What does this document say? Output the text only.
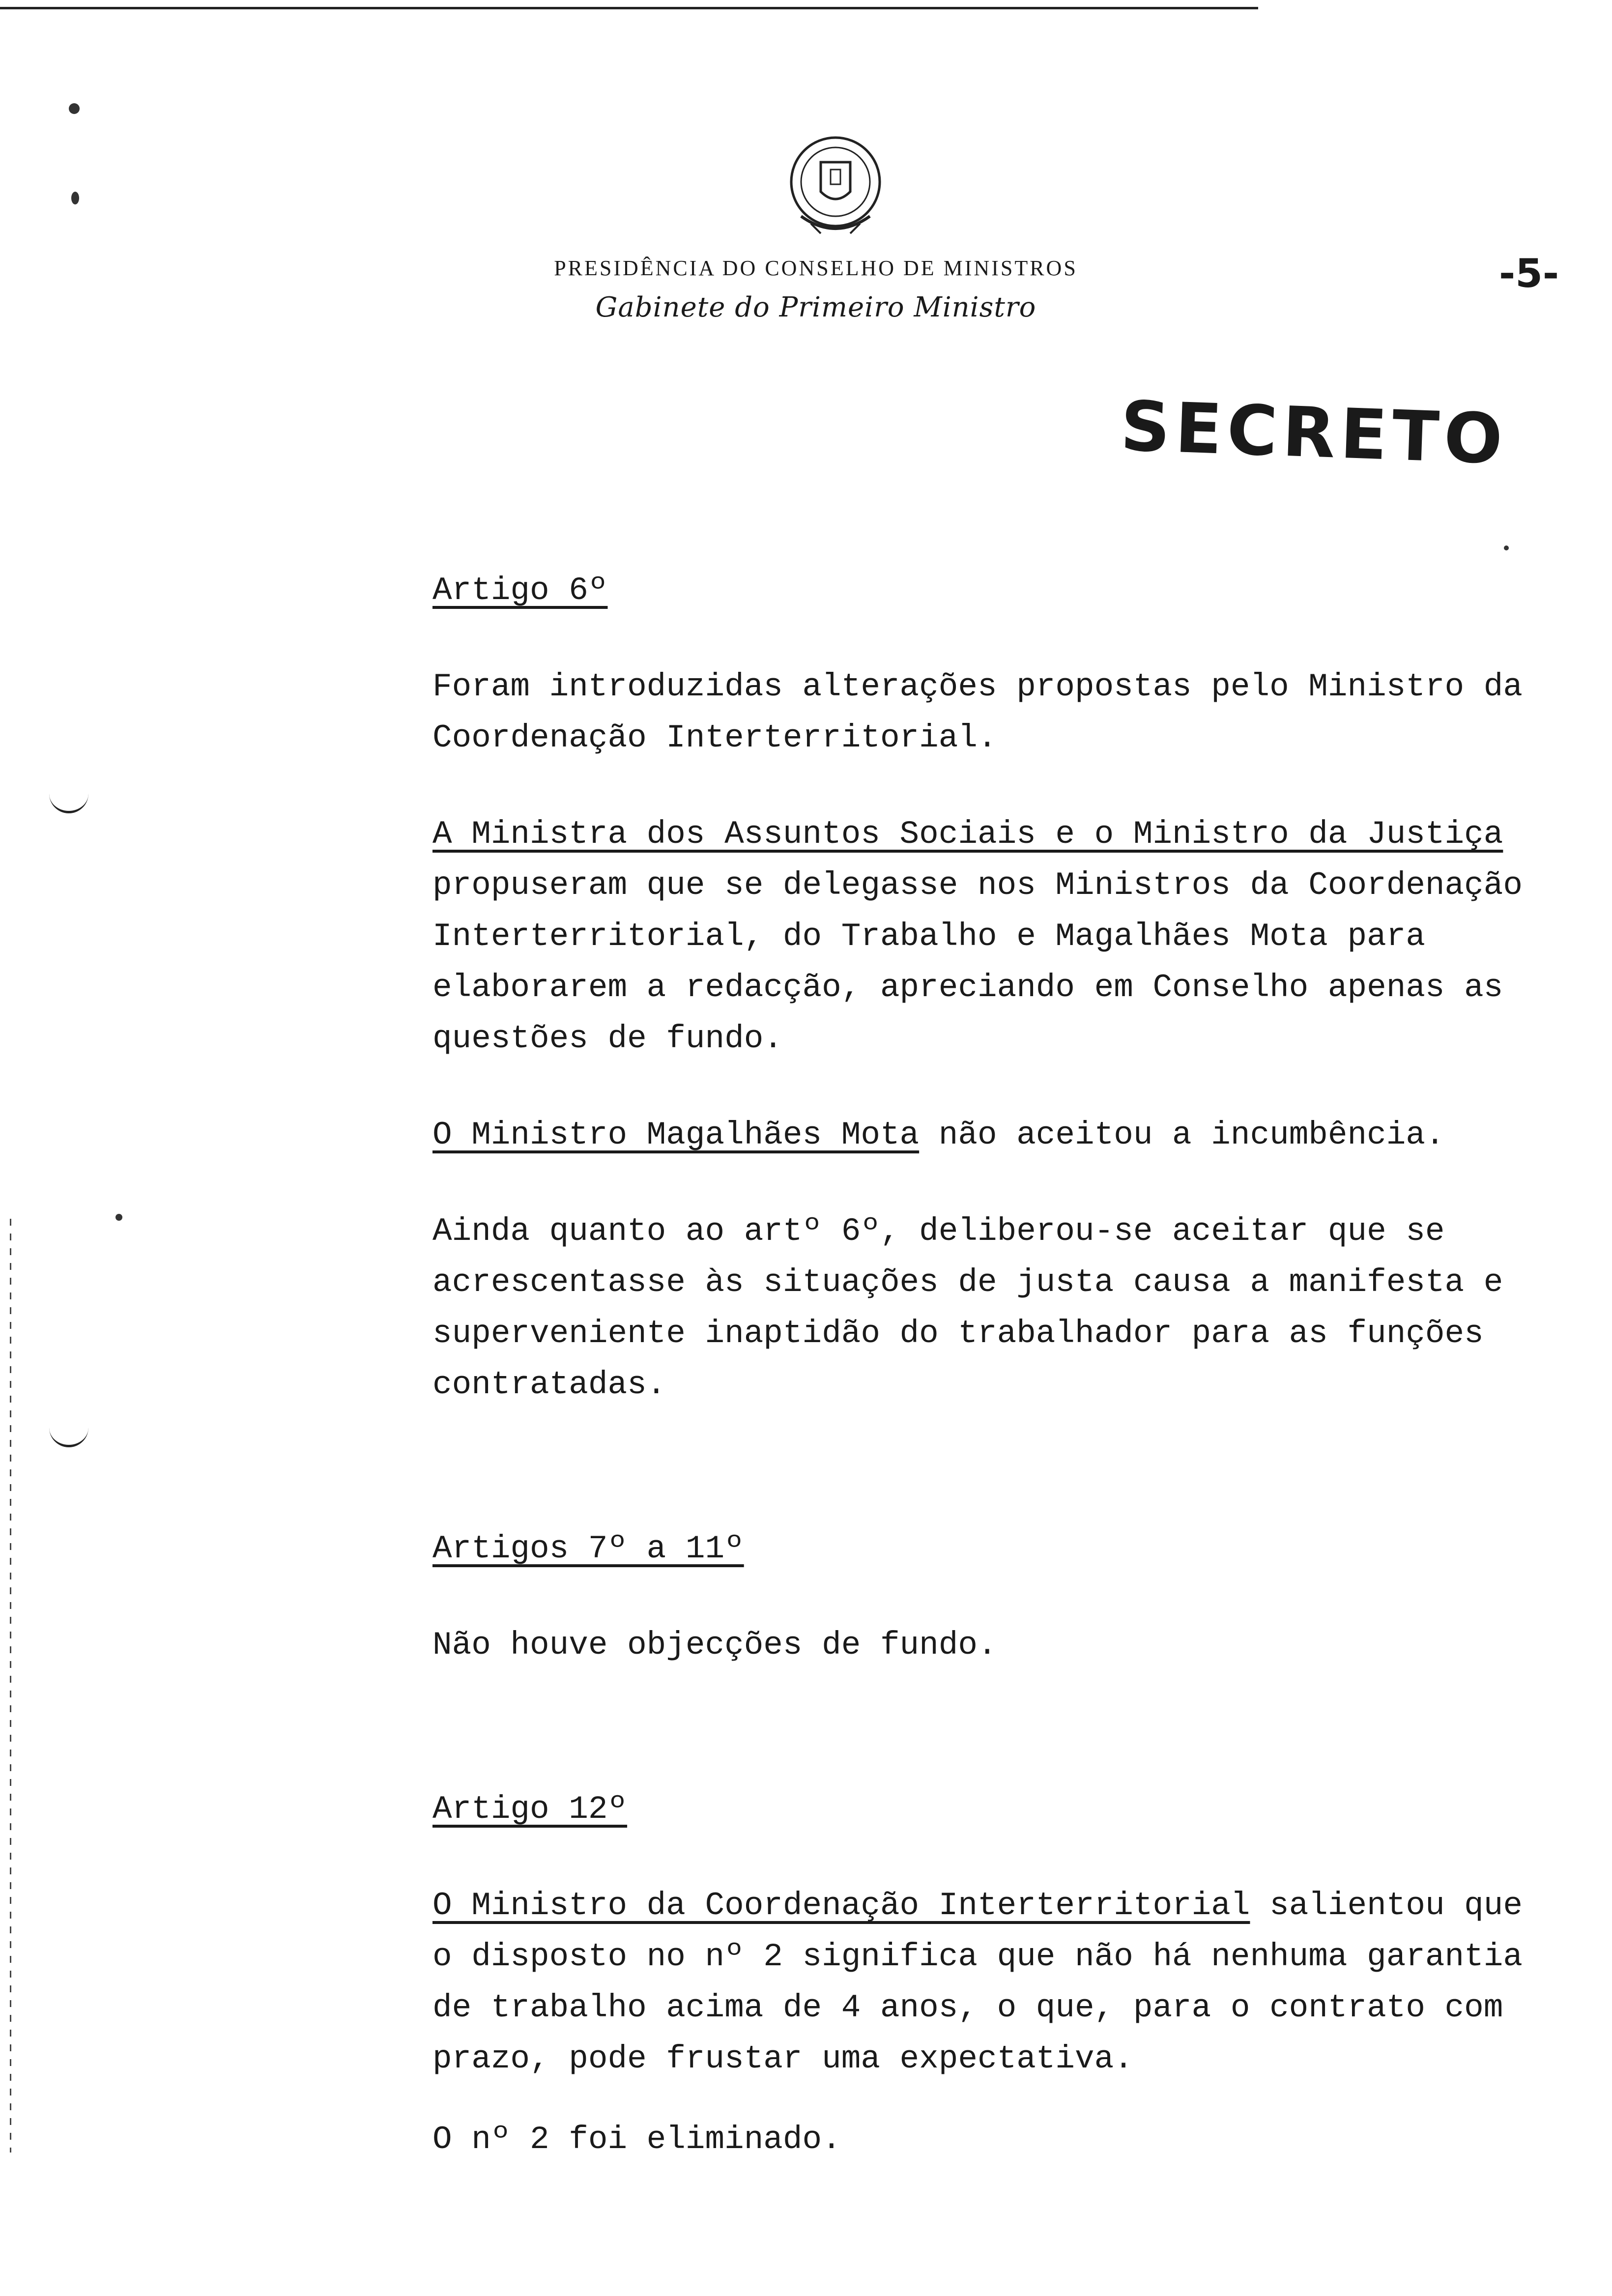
PRESIDÊNCIA DO CONSELHO DE MINISTROS
Gabinete do Primeiro Ministro
-5-
SECRETO
Artigo 6º

Foram introduzidas alterações propostas pelo Ministro da Coordenação Interterritorial.

A Ministra dos Assuntos Sociais e o Ministro da Justiça propuseram que se delegasse nos Ministros da Coordenação Interterritorial, do Trabalho e Magalhães Mota para elaborarem a redacção, apreciando em Conselho apenas as questões de fundo.

O Ministro Magalhães Mota não aceitou a incumbência.

Ainda quanto ao artº 6º, deliberou-se aceitar que se acrescentasse às situações de justa causa a manifesta e superveniente inaptidão do trabalhador para as funções contratadas.

Artigos 7º a 11º

Não houve objecções de fundo.

Artigo 12º

O Ministro da Coordenação Interterritorial salientou que o disposto no nº 2 significa que não há nenhuma garantia de trabalho acima de 4 anos, o que, para o contrato com prazo, pode frustar uma expectativa.

O nº 2 foi eliminado.
